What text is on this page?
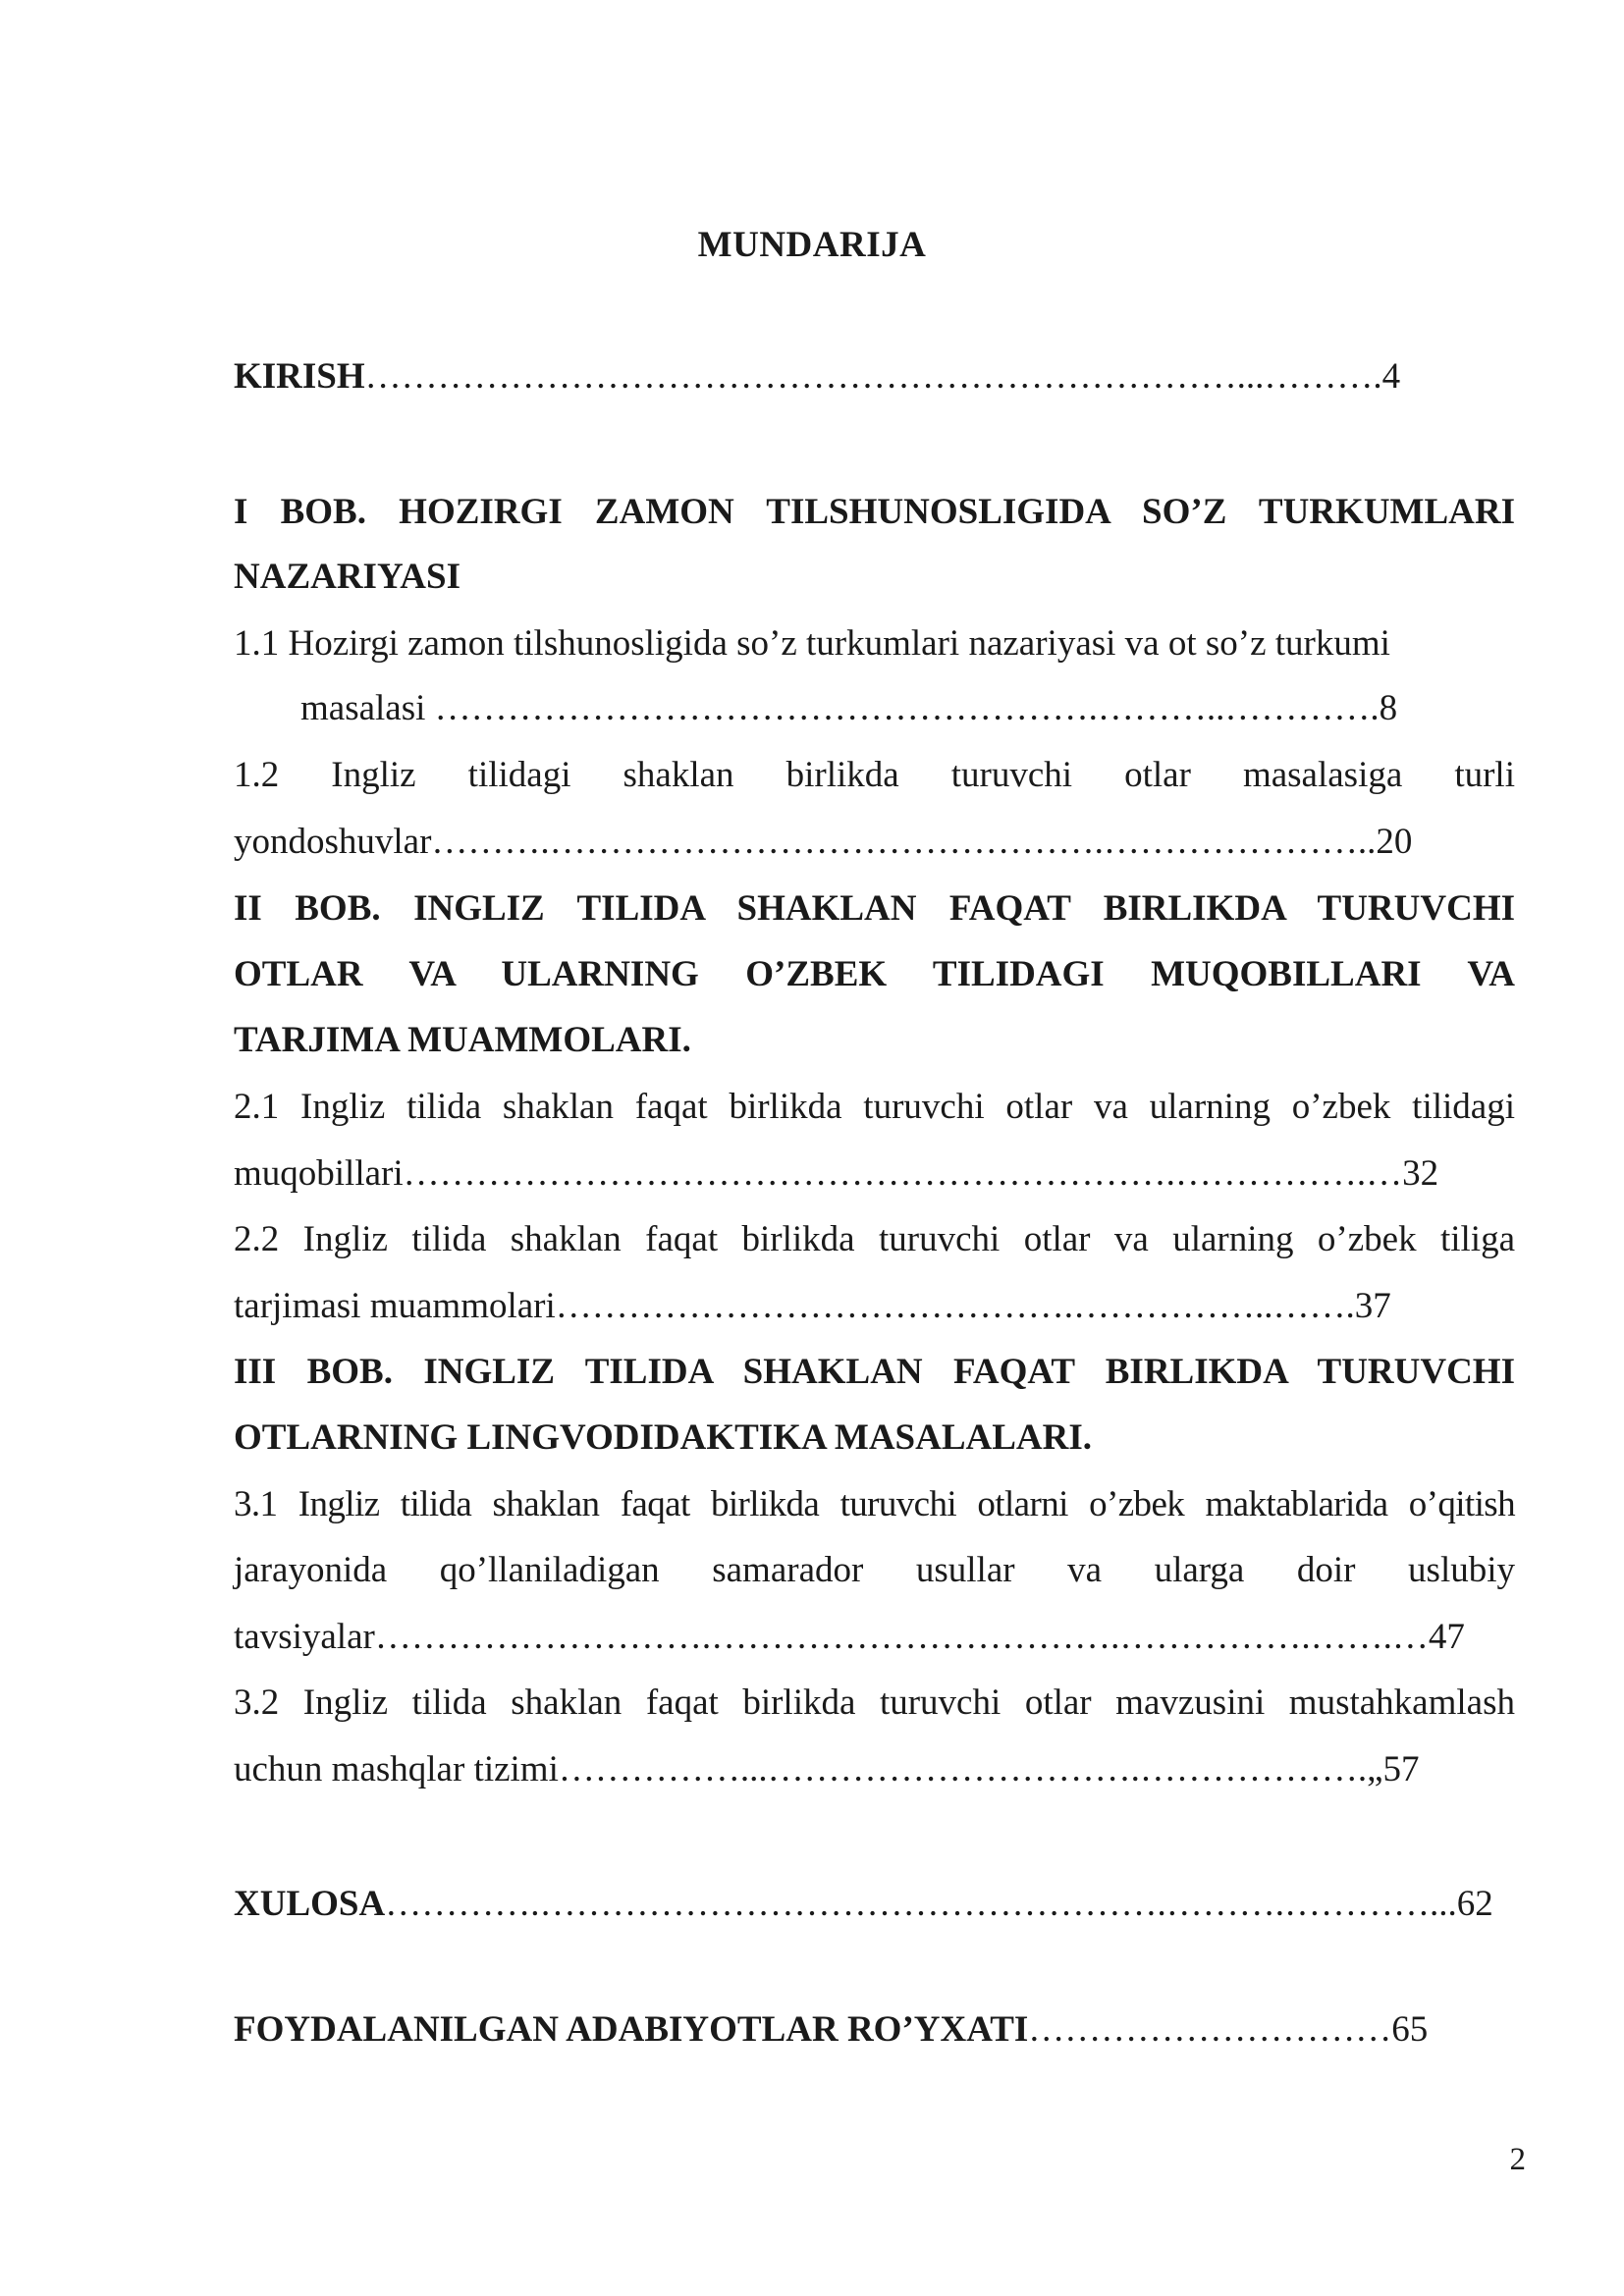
MUNDARIJA
KIRISH………………………………………………………………...……….4
I BOB. HOZIRGI ZAMON TILSHUNOSLIGIDA SO’Z TURKUMLARI
NAZARIYASI
1.1 Hozirgi zamon tilshunosligida so’z turkumlari nazariyasi va ot so’z turkumi
masalasi ……………………………………………….………..………….8
1.2 Ingliz tilidagi shaklan birlikda turuvchi otlar masalasiga turli
yondoshuvlar……….……………………………………….…………………..20
II BOB. INGLIZ TILIDA SHAKLAN FAQAT BIRLIKDA TURUVCHI
OTLAR VA ULARNING O’ZBEK TILIDAGI MUQOBILLARI VA
TARJIMA MUAMMOLARI.
2.1 Ingliz tilida shaklan faqat birlikda turuvchi otlar va ularning o’zbek tilidagi
muqobillari……………………………………………………….…………….…32
2.2 Ingliz tilida shaklan faqat birlikda turuvchi otlar va ularning o’zbek tiliga
tarjimasi muammolari…………………………………….……………..…….37
III BOB. INGLIZ TILIDA SHAKLAN FAQAT BIRLIKDA TURUVCHI
OTLARNING LINGVODIDAKTIKA MASALALARI.
3.1 Ingliz tilida shaklan faqat birlikda turuvchi otlarni o’zbek maktablarida o’qitish
jarayonida qo’llaniladigan samarador usullar va ularga doir uslubiy
tavsiyalar……………………….…………………………….…………….…….…47
3.2 Ingliz tilida shaklan faqat birlikda turuvchi otlar mavzusini mustahkamlash
uchun mashqlar tizimi……………...………………………….……………….„57
XULOSA………….…………………………………………….……….…………...62
FOYDALANILGAN ADABIYOTLAR RO’YXATI…………………………65
2
